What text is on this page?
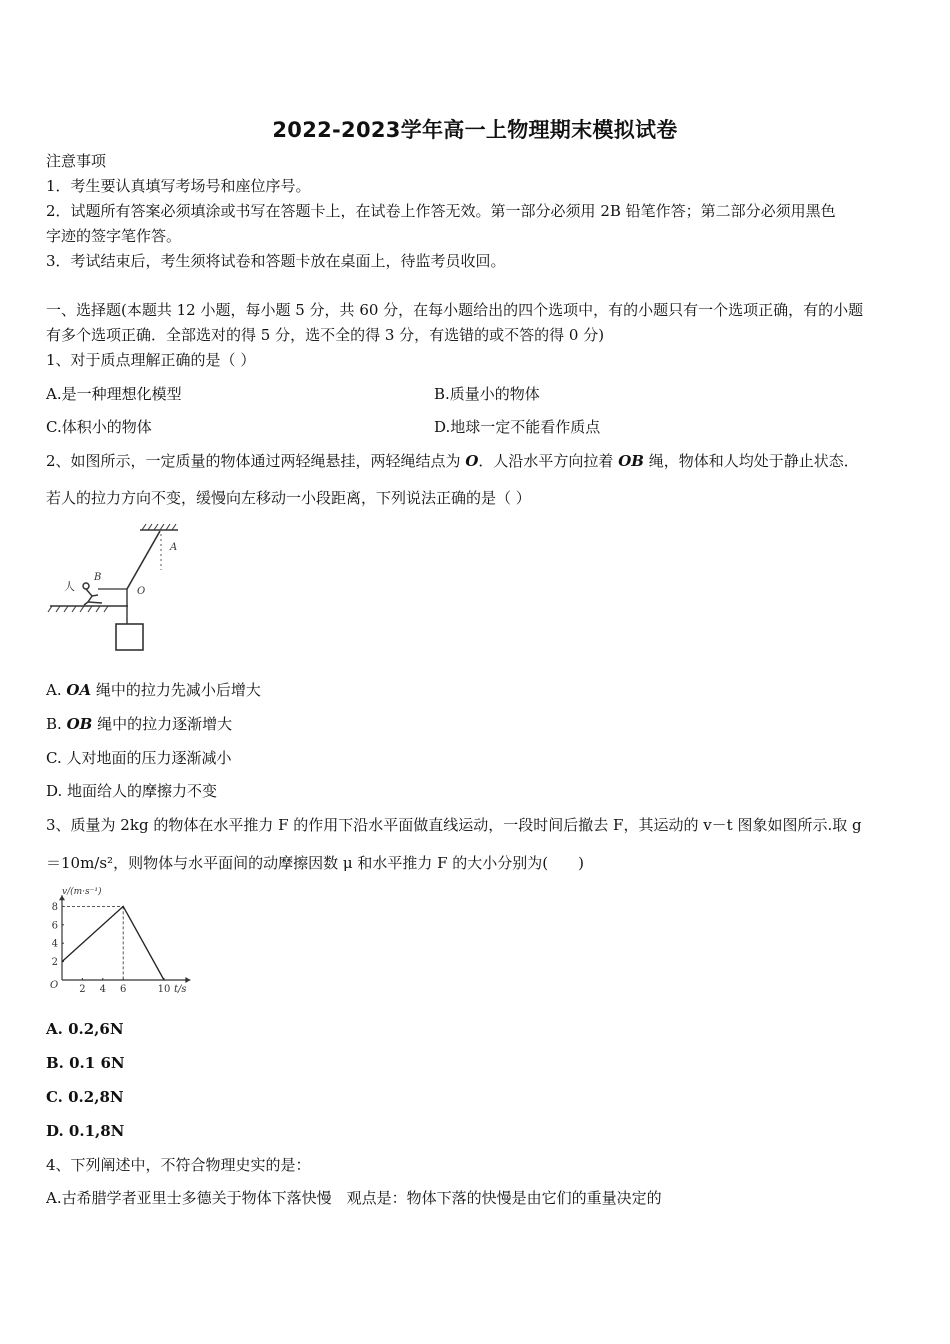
2022-2023学年高一上物理期末模拟试卷
注意事项
1．考生要认真填写考场号和座位序号。
2．试题所有答案必须填涂或书写在答题卡上，在试卷上作答无效。第一部分必须用 2B 铅笔作答；第二部分必须用黑色
字迹的签字笔作答。
3．考试结束后，考生须将试卷和答题卡放在桌面上，待监考员收回。
一、选择题(本题共 12 小题，每小题 5 分，共 60 分，在每小题给出的四个选项中，有的小题只有一个选项正确，有的小题
有多个选项正确．全部选对的得 5 分，选不全的得 3 分，有选错的或不答的得 0 分)
1、对于质点理解正确的是（ ）
A.是一种理想化模型	B.质量小的物体
C.体积小的物体	D.地球一定不能看作质点
2、如图所示，一定质量的物体通过两轻绳悬挂，两轻绳结点为 O．人沿水平方向拉着 OB 绳，物体和人均处于静止状态．
若人的拉力方向不变，缓慢向左移动一小段距离，下列说法正确的是（ ）
人
B
O
A
A. OA 绳中的拉力先减小后增大
B. OB 绳中的拉力逐渐增大
C. 人对地面的压力逐渐减小
D. 地面给人的摩擦力不变
3、质量为 2kg 的物体在水平推力 F 的作用下沿水平面做直线运动，一段时间后撤去 F，其运动的 v－t 图象如图所示.取 g
＝10m/s²，则物体与水平面间的动摩擦因数 μ 和水平推力 F 的大小分别为(　　)
v/(m·s⁻¹)
t/s
O 2 4 6	10
2
4
6
8
A. 0.2,6N
B. 0.1 6N
C. 0.2,8N
D. 0.1,8N
4、下列阐述中，不符合物理史实的是：
A.古希腊学者亚里士多德关于物体下落快慢　观点是：物体下落的快慢是由它们的重量决定的
